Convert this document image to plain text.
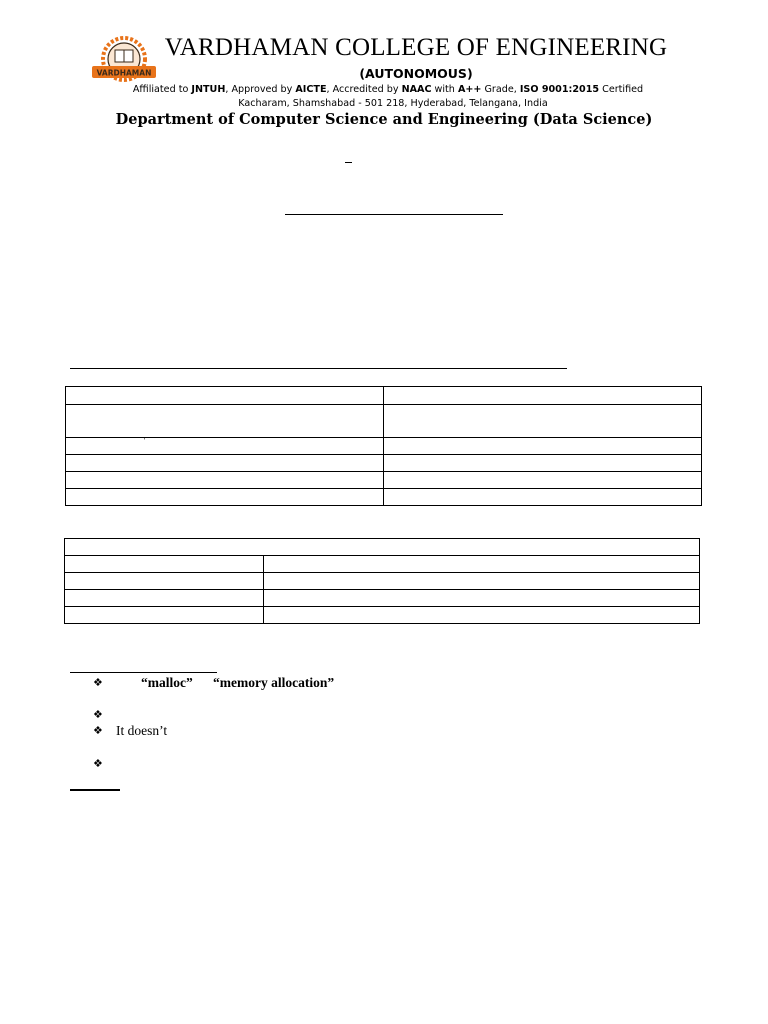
VARDHAMAN
VARDHAMAN COLLEGE OF ENGINEERING
(AUTONOMOUS)
Affiliated to JNTUH, Approved by AICTE, Accredited by NAAC with A++ Grade, ISO 9001:2015 Certified
Kacharam, Shamshabad - 501 218, Hyderabad, Telangana, India
Department of Computer Science and Engineering (Data Science)

'	

❖	“malloc” “memory allocation”
❖
❖ It doesn’t
❖
